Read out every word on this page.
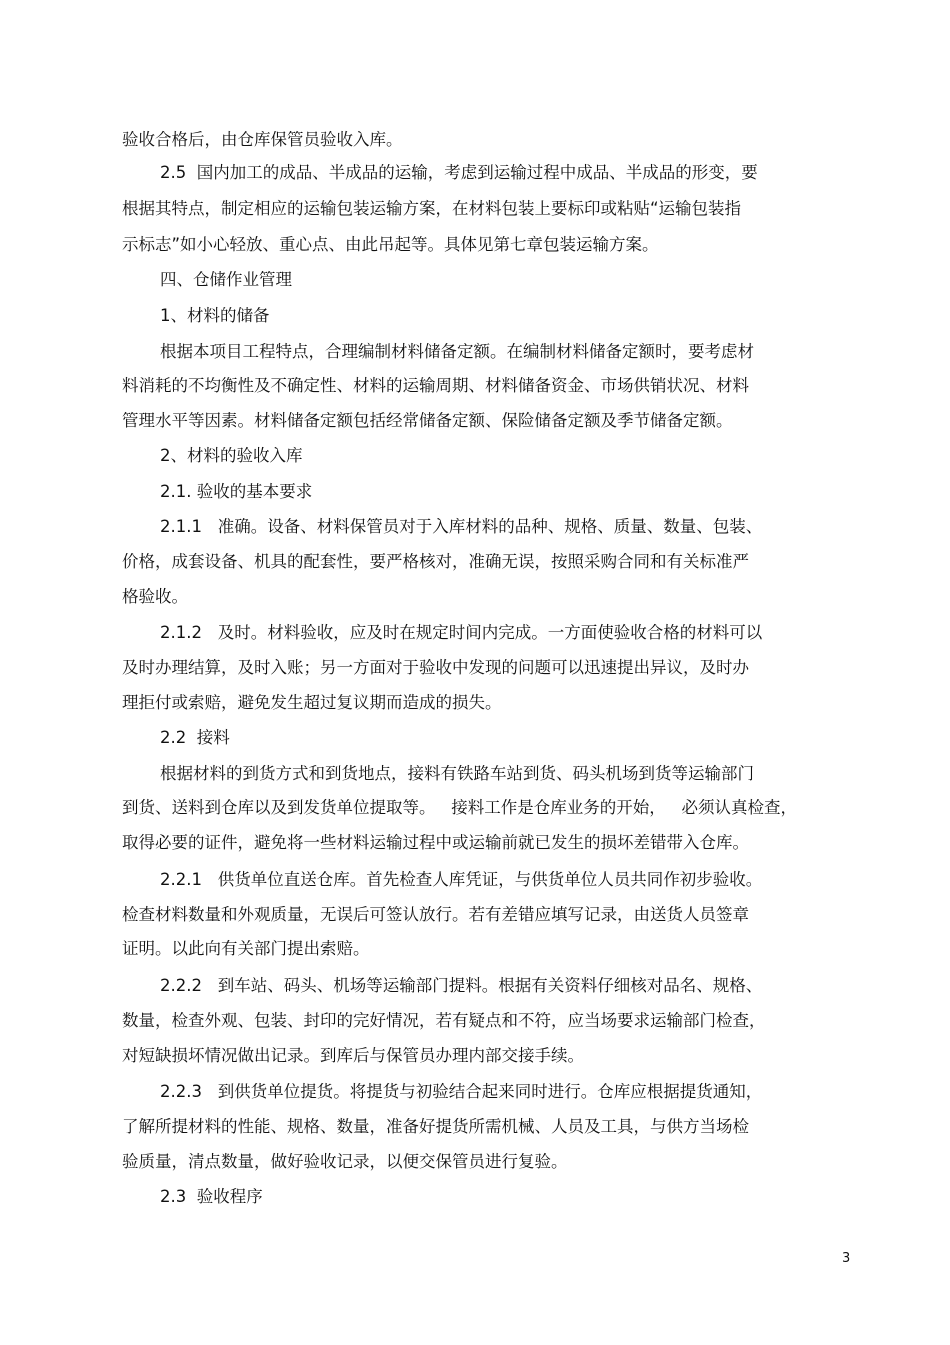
验收合格后，由仓库保管员验收入库。
2.5  国内加工的成品、半成品的运输，考虑到运输过程中成品、半成品的形变，要
根据其特点，制定相应的运输包装运输方案，在材料包装上要标印或粘贴“运输包装指
示标志”如小心轻放、重心点、由此吊起等。具体见第七章包装运输方案。
四、仓储作业管理
1、材料的储备
根据本项目工程特点，合理编制材料储备定额。在编制材料储备定额时，要考虑材
料消耗的不均衡性及不确定性、材料的运输周期、材料储备资金、市场供销状况、材料
管理水平等因素。材料储备定额包括经常储备定额、保险储备定额及季节储备定额。
2、材料的验收入库
2.1. 验收的基本要求
2.1.1   准确。设备、材料保管员对于入库材料的品种、规格、质量、数量、包装、
价格，成套设备、机具的配套性，要严格核对，准确无误，按照采购合同和有关标准严
格验收。
2.1.2   及时。材料验收，应及时在规定时间内完成。一方面使验收合格的材料可以
及时办理结算，及时入账；另一方面对于验收中发现的问题可以迅速提出异议，及时办
理拒付或索赔，避免发生超过复议期而造成的损失。
2.2  接料
根据材料的到货方式和到货地点，接料有铁路车站到货、码头机场到货等运输部门
到货、送料到仓库以及到发货单位提取等。   接料工作是仓库业务的开始，   必须认真检查，
取得必要的证件，避免将一些材料运输过程中或运输前就已发生的损坏差错带入仓库。
2.2.1   供货单位直送仓库。首先检查人库凭证，与供货单位人员共同作初步验收。
检查材料数量和外观质量，无误后可签认放行。若有差错应填写记录，由送货人员签章
证明。以此向有关部门提出索赔。
2.2.2   到车站、码头、机场等运输部门提料。根据有关资料仔细核对品名、规格、
数量，检查外观、包装、封印的完好情况，若有疑点和不符，应当场要求运输部门检查，
对短缺损坏情况做出记录。到库后与保管员办理内部交接手续。
2.2.3   到供货单位提货。将提货与初验结合起来同时进行。仓库应根据提货通知，
了解所提材料的性能、规格、数量，准备好提货所需机械、人员及工具，与供方当场检
验质量，清点数量，做好验收记录，以便交保管员进行复验。
2.3  验收程序
3
